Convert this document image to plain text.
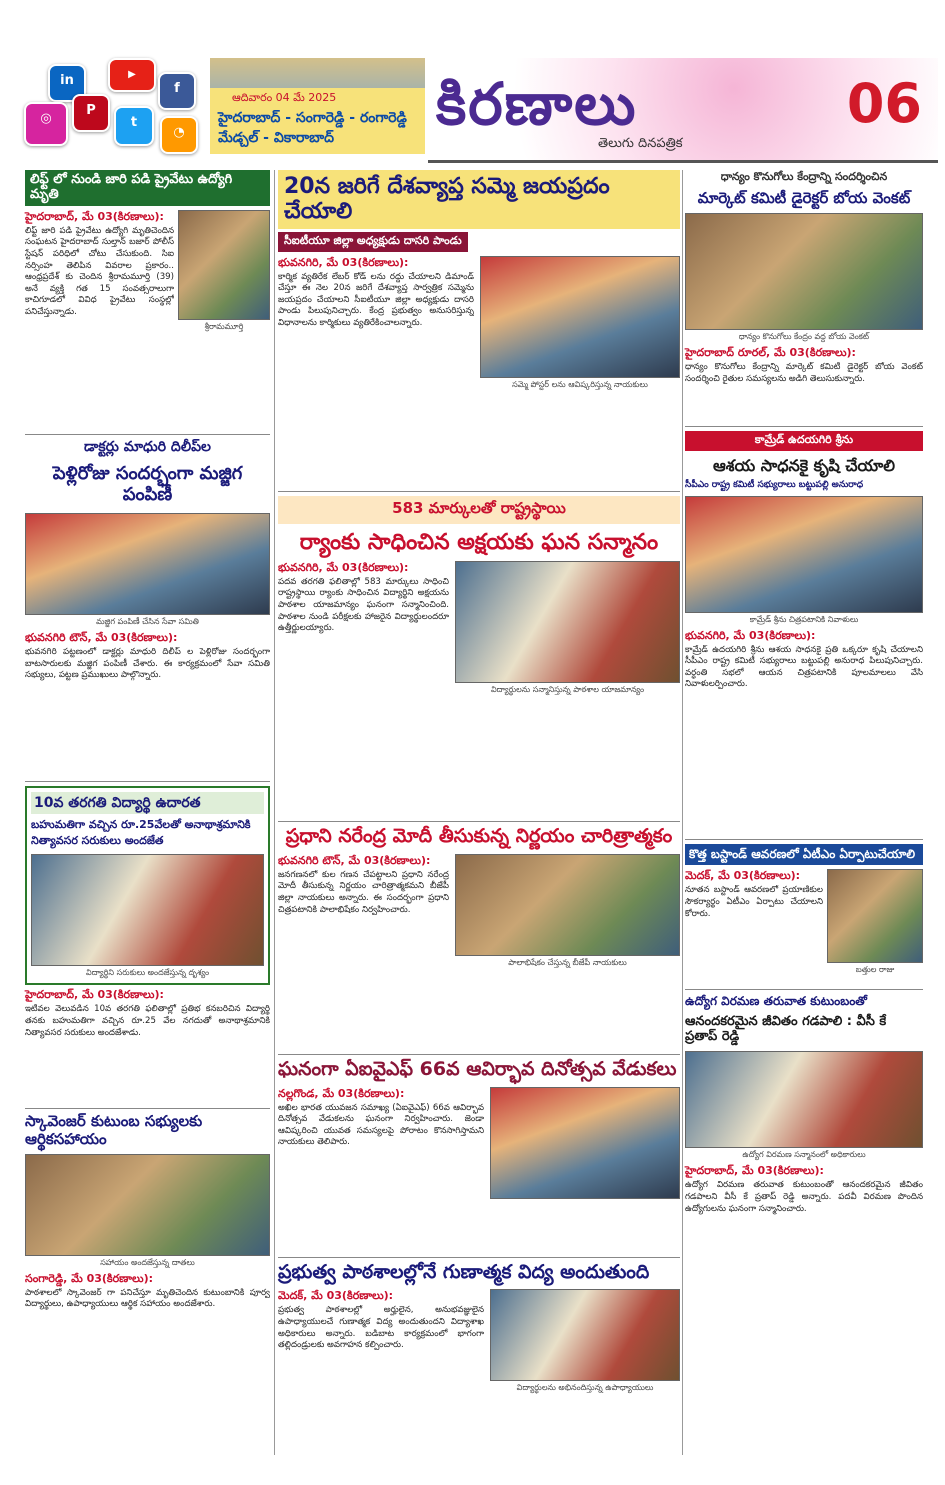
in	▶
f
◎
P
t
◔
ఆదివారం 04 మే 2025
హైదరాబాద్ - సంగారెడ్డి - రంగారెడ్డి
మేడ్చల్ - వికారాబాద్ కిరణాలు	06
తెలుగు దినపత్రిక
లిఫ్ట్ లో నుండి జారి పడి ప్రైవేటు ఉద్యోగి మృతి
హైదరాబాద్, మే 03(కిరణాలు):
లిఫ్ట్ జారి పడి ప్రైవేటు ఉద్యోగి మృతిచెందిన సంఘటన హైదరాబాద్ సుల్తాన్ బజార్ పోలీస్ స్టేషన్ పరిధిలో చోటు చేసుకుంది. సిఐ నర్సింహ తెలిపిన వివరాల ప్రకారం.. ఆంధ్రప్రదేశ్ కు చెందిన శ్రీరామమూర్తి (39) అనే వ్యక్తి గత 15 సంవత్సరాలుగా కాచిగూడలో వివిధ ప్రైవేటు సంస్థల్లో పనిచేస్తున్నాడు.
శ్రీరామమూర్తి
డాక్టర్లు మాధురి దిలీప్‌ల
పెళ్లిరోజు సందర్భంగా మజ్జిగ పంపిణీ
మజ్జిగ పంపిణీ చేసిన సేవా సమితి
భువనగిరి టౌన్, మే 03(కిరణాలు):
భువనగిరి పట్టణంలో డాక్టర్లు మాధురి దిలీప్ ల పెళ్లిరోజు సందర్భంగా బాటసారులకు మజ్జిగ పంపిణీ చేశారు. ఈ కార్యక్రమంలో సేవా సమితి సభ్యులు, పట్టణ ప్రముఖులు పాల్గొన్నారు.
10వ తరగతి విద్యార్థి ఉదారత
బహుమతిగా వచ్చిన రూ.25వేలతో అనాథాశ్రమానికి నిత్యావసర సరుకులు అందజేత
విద్యార్థిని సరుకులు అందజేస్తున్న దృశ్యం
హైదరాబాద్, మే 03(కిరణాలు):
ఇటీవల వెలువడిన 10వ తరగతి ఫలితాల్లో ప్రతిభ కనబరిచిన విద్యార్థి తనకు బహుమతిగా వచ్చిన రూ.25 వేల నగదుతో అనాథాశ్రమానికి నిత్యావసర సరుకులు అందజేశాడు.
స్కావెంజర్ కుటుంబ సభ్యులకు ఆర్థికసహాయం
సహాయం అందజేస్తున్న దాతలు
సంగారెడ్డి, మే 03(కిరణాలు):
పాఠశాలలో స్కావెంజర్ గా పనిచేస్తూ మృతిచెందిన కుటుంబానికి పూర్వ విద్యార్థులు, ఉపాధ్యాయులు ఆర్థిక సహాయం అందజేశారు.
20న జరిగే దేశవ్యాప్త సమ్మె జయప్రదం చేయాలి
సీఐటీయూ జిల్లా అధ్యక్షుడు దాసరి పాండు
భువనగిరి, మే 03(కిరణాలు):
కార్మిక వ్యతిరేక లేబర్ కోడ్ లను రద్దు చేయాలని డిమాండ్ చేస్తూ ఈ నెల 20న జరిగే దేశవ్యాప్త సార్వత్రిక సమ్మెను జయప్రదం చేయాలని సీఐటీయూ జిల్లా అధ్యక్షుడు దాసరి పాండు పిలుపునిచ్చారు. కేంద్ర ప్రభుత్వం అనుసరిస్తున్న విధానాలను కార్మికులు వ్యతిరేకించాలన్నారు.
సమ్మె పోస్టర్ లను ఆవిష్కరిస్తున్న నాయకులు
583 మార్కులతో రాష్ట్రస్థాయి
ర్యాంకు సాధించిన అక్షయకు ఘన సన్మానం
భువనగిరి, మే 03(కిరణాలు):
పదవ తరగతి ఫలితాల్లో 583 మార్కులు సాధించి రాష్ట్రస్థాయి ర్యాంకు సాధించిన విద్యార్థిని అక్షయను పాఠశాల యాజమాన్యం ఘనంగా సన్మానించింది. పాఠశాల నుండి పరీక్షలకు హాజరైన విద్యార్థులందరూ ఉత్తీర్ణులయ్యారు.
విద్యార్థులను సన్మానిస్తున్న పాఠశాల యాజమాన్యం
ప్రధాని నరేంద్ర మోదీ తీసుకున్న నిర్ణయం చారిత్రాత్మకం
భువనగిరి టౌన్, మే 03(కిరణాలు):
జనగణనలో కుల గణన చేపట్టాలని ప్రధాని నరేంద్ర మోదీ తీసుకున్న నిర్ణయం చారిత్రాత్మకమని బీజేపీ జిల్లా నాయకులు అన్నారు. ఈ సందర్భంగా ప్రధాని చిత్రపటానికి పాలాభిషేకం నిర్వహించారు.
పాలాభిషేకం చేస్తున్న బీజేపీ నాయకులు
ఘనంగా ఏఐవైఎఫ్ 66వ ఆవిర్భావ దినోత్సవ వేడుకలు
నల్లగొండ, మే 03(కిరణాలు):
అఖిల భారత యువజన సమాఖ్య (ఏఐవైఎఫ్) 66వ ఆవిర్భావ దినోత్సవ వేడుకలను ఘనంగా నిర్వహించారు. జెండా ఆవిష్కరించి యువత సమస్యలపై పోరాటం కొనసాగిస్తామని నాయకులు తెలిపారు.
ప్రభుత్వ పాఠశాలల్లోనే గుణాత్మక విద్య అందుతుంది
మెదక్, మే 03(కిరణాలు):
ప్రభుత్వ పాఠశాలల్లో అర్హులైన, అనుభవజ్ఞులైన ఉపాధ్యాయులచే గుణాత్మక విద్య అందుతుందని విద్యాశాఖ అధికారులు అన్నారు. బడిబాట కార్యక్రమంలో భాగంగా తల్లిదండ్రులకు అవగాహన కల్పించారు.
విద్యార్థులను అభినందిస్తున్న ఉపాధ్యాయులు
ధాన్యం కొనుగోలు కేంద్రాన్ని సందర్శించిన
మార్కెట్ కమిటీ డైరెక్టర్ బోయ వెంకట్
ధాన్యం కొనుగోలు కేంద్రం వద్ద బోయ వెంకట్
హైదరాబాద్ రూరల్, మే 03(కిరణాలు):
ధాన్యం కొనుగోలు కేంద్రాన్ని మార్కెట్ కమిటీ డైరెక్టర్ బోయ వెంకట్ సందర్శించి రైతుల సమస్యలను అడిగి తెలుసుకున్నారు.
కామ్రేడ్ ఉదయగిరి శ్రీను
ఆశయ సాధనకై కృషి చేయాలి
సీపీఎం రాష్ట్ర కమిటీ సభ్యురాలు బట్టుపల్లి అనురాధ
కామ్రేడ్ శ్రీను చిత్రపటానికి నివాళులు
భువనగిరి, మే 03(కిరణాలు):
కామ్రేడ్ ఉదయగిరి శ్రీను ఆశయ సాధనకై ప్రతి ఒక్కరూ కృషి చేయాలని సీపీఎం రాష్ట్ర కమిటీ సభ్యురాలు బట్టుపల్లి అనురాధ పిలుపునిచ్చారు. వర్ధంతి సభలో ఆయన చిత్రపటానికి పూలమాలలు వేసి నివాళులర్పించారు.
కొత్త బస్టాండ్ ఆవరణలో ఏటీఎం ఏర్పాటుచేయాలి
మెదక్, మే 03(కిరణాలు):
నూతన బస్టాండ్ ఆవరణలో ప్రయాణికుల సౌకర్యార్థం ఏటీఎం ఏర్పాటు చేయాలని కోరారు.
బత్తుల రాజు
ఉద్యోగ విరమణ తరువాత కుటుంబంతో
ఆనందకరమైన జీవితం గడపాలి : వీసీ కే ప్రతాప్ రెడ్డి
ఉద్యోగ విరమణ సన్మానంలో అధికారులు
హైదరాబాద్, మే 03(కిరణాలు):
ఉద్యోగ విరమణ తరువాత కుటుంబంతో ఆనందకరమైన జీవితం గడపాలని వీసీ కే ప్రతాప్ రెడ్డి అన్నారు. పదవీ విరమణ పొందిన ఉద్యోగులను ఘనంగా సన్మానించారు.
